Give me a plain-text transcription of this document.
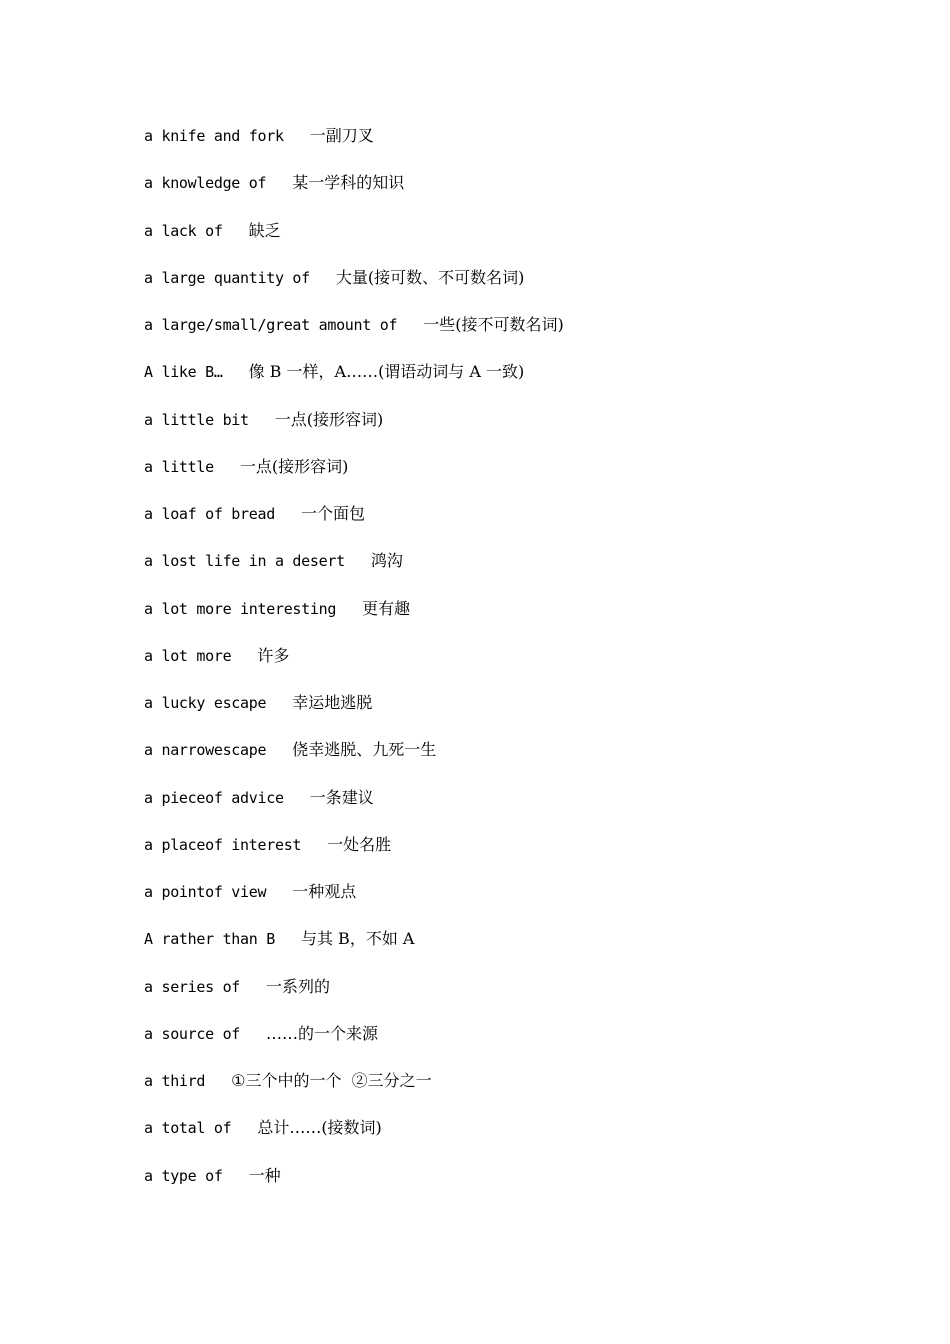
a knife and fork 一副刀叉
a knowledge of 某一学科的知识
a lack of 缺乏
a large quantity of 大量(接可数、不可数名词)
a large/small/great amount of 一些(接不可数名词)
A like B… 像 B 一样，A……(谓语动词与 A 一致)
a little bit 一点(接形容词)
a little 一点(接形容词)
a loaf of bread 一个面包
a lost life in a desert 鸿沟
a lot more interesting 更有趣
a lot more 许多
a lucky escape 幸运地逃脱
a narrowescape 侥幸逃脱、九死一生
a pieceof advice 一条建议
a placeof interest 一处名胜
a pointof view 一种观点
A rather than B 与其 B，不如 A
a series of 一系列的
a source of ……的一个来源
a third ①三个中的一个  ②三分之一
a total of 总计……(接数词)
a type of 一种
